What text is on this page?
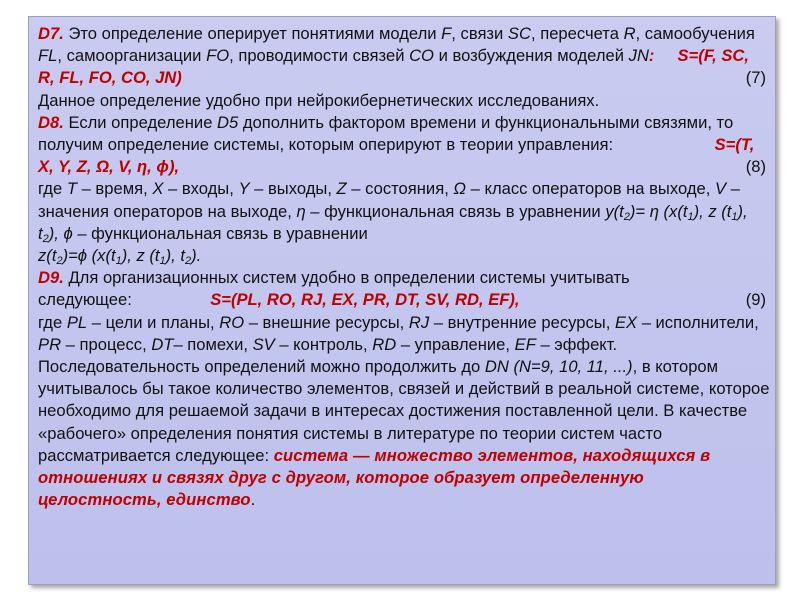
D7. Это определение оперирует понятиями модели F, связи SC, пересчета R, самообучения FL, самоорганизации FO, проводимости связей CO и возбуждения моделей JN: S=(F, SC, R, FL, FO, CO, JN)	(7)

Данное определение удобно при нейрокибернетических исследованиях.

D8. Если определение D5 дополнить фактором времени и функциональными связями, то получим определение системы, которым оперируют в теории управления:	S=(T, X, Y, Z, Ω, V, η, ϕ),	(8)

где T – время, X – входы, Y – выходы, Z – состояния, Ω – класс операторов на выходе, V – значения операторов на выходе, η – функциональная связь в уравнении $y(t_2)= \eta$ ($x(t_1)$, z $(t_1)$, $t_2$), ϕ – функциональная связь в уравнении
$z(t_2)=\phi$ ($x(t_1)$, z $(t_1)$, $t_2$).

D9. Для организационных систем удобно в определении системы учитывать следующее:	S=(PL, RO, RJ, EX, PR, DT, SV, RD, EF),	(9)

где PL – цели и планы, RO – внешние ресурсы, RJ – внутренние ресурсы, EX – исполнители, PR – процесс, DT– помехи, SV – контроль, RD – управление, EF – эффект.

Последовательность определений можно продолжить до DN (N=9, 10, 11, ...), в котором учитывалось бы такое количество элементов, связей и действий в реальной системе, которое необходимо для решаемой задачи в интересах достижения поставленной цели. В качестве «рабочего» определения понятия системы в литературе по теории систем часто рассматривается следующее: система — множество элементов, находящихся в отношениях и связях друг с другом, которое образует определенную целостность, единство.
